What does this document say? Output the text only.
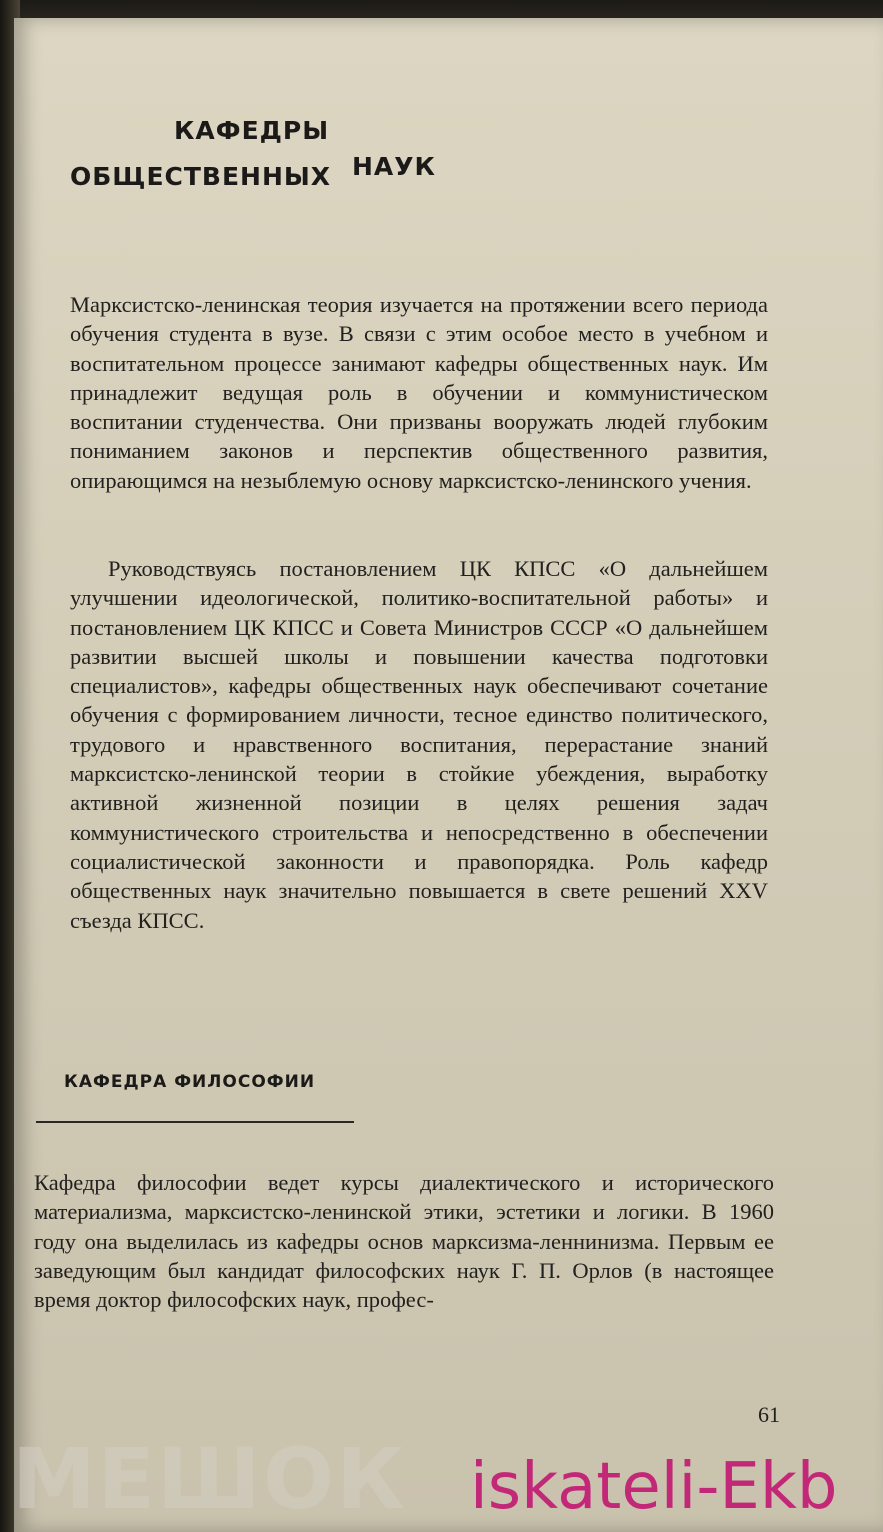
КАФЕДРЫ
ОБЩЕСТВЕННЫХ НАУК

Марксистско-ленинская теория изучается на протяжении всего периода обучения студента в вузе. В связи с этим особое место в учебном и воспитательном процессе занимают кафедры общественных наук. Им принадлежит ведущая роль в обучении и коммунистическом воспитании студенчества. Они призваны вооружать людей глубоким пониманием законов и перспектив общественного развития, опирающимся на незыблемую основу марксистско-ленинского учения.

Руководствуясь постановлением ЦК КПСС «О дальнейшем улучшении идеологической, политико-воспитательной работы» и постановлением ЦК КПСС и Совета Министров СССР «О дальнейшем развитии высшей школы и повышении качества подготовки специалистов», кафедры общественных наук обеспечивают сочетание обучения с формированием личности, тесное единство политического, трудового и нравственного воспитания, перерастание знаний марксистско-ленинской теории в стойкие убеждения, выработку активной жизненной позиции в целях решения задач коммунистического строительства и непосредственно в обеспечении социалистической законности и правопорядка. Роль кафедр общественных наук значительно повышается в свете решений XXV съезда КПСС.

КАФЕДРА ФИЛОСОФИИ

Кафедра философии ведет курсы диалектического и исторического материализма, марксистско-ленинской этики, эстетики и логики. В 1960 году она выделилась из кафедры основ марксизма-леннинизма. Первым ее заведующим был кандидат философских наук Г. П. Орлов (в настоящее время доктор философских наук, профес-

61
МЕШОК iskateli-Ekb
